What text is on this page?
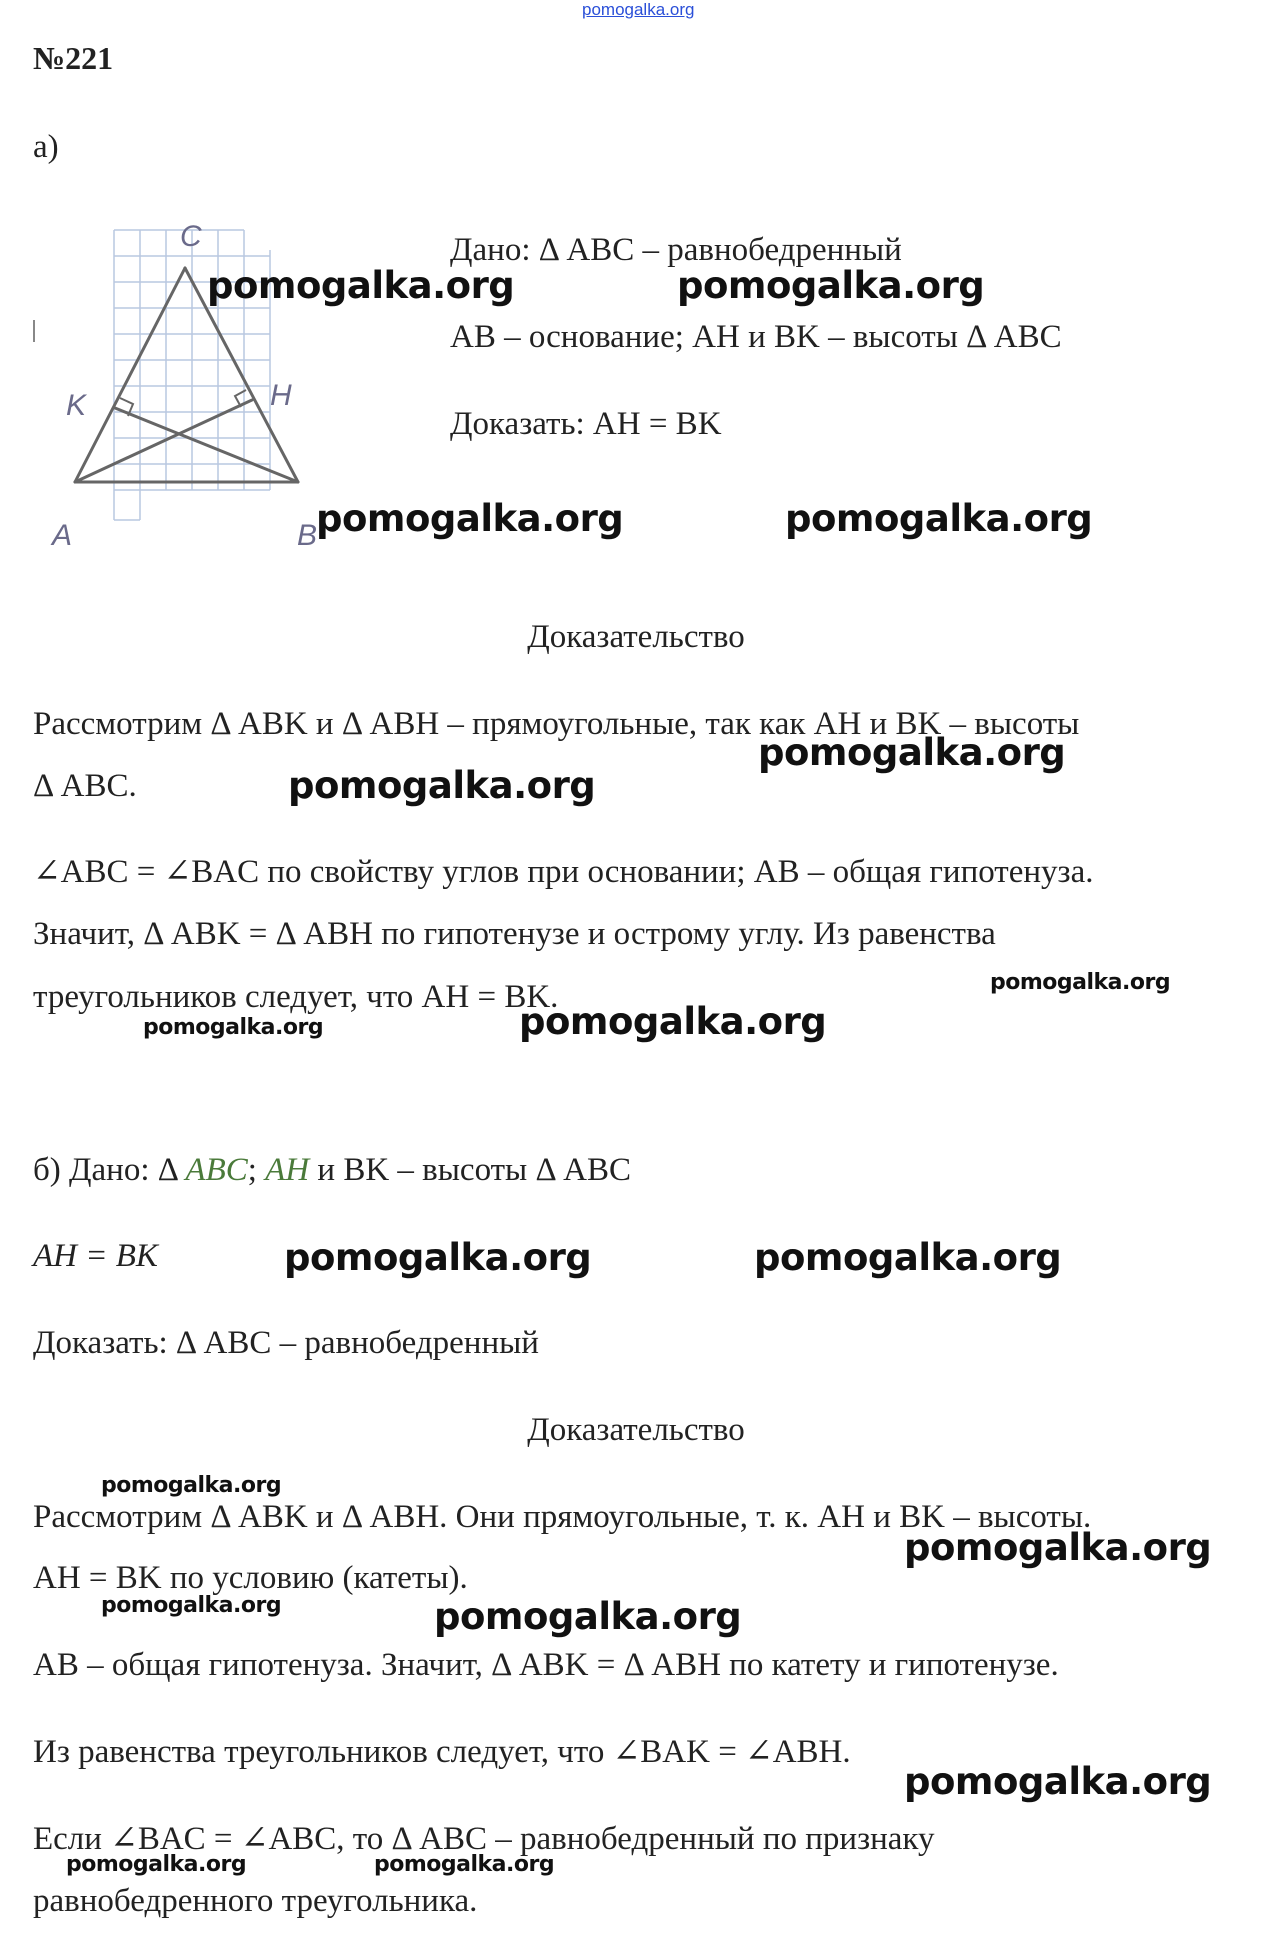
pomogalka.org
№221
а)
C
K	H
A	B
Дано: Δ ABC – равнобедренный
AB – основание; AH и BK – высоты Δ ABC
Доказать: AH = BK
Доказательство
Рассмотрим Δ ABK и Δ ABH – прямоугольные, так как AH и BK – высоты
Δ ABC.
∠ABC = ∠BAC по свойству углов при основании; AB – общая гипотенуза.
Значит, Δ ABK = Δ ABH по гипотенузе и острому углу. Из равенства
треугольников следует, что AH = BK.
б) Дано: Δ ABC; AH и BK – высоты Δ ABC
AH = BK
Доказать: Δ ABC – равнобедренный
Доказательство
Рассмотрим Δ ABK и Δ ABH. Они прямоугольные, т. к. AH и BK – высоты.
AH = BK по условию (катеты).
AB – общая гипотенуза. Значит, Δ ABK = Δ ABH по катету и гипотенузе.
Из равенства треугольников следует, что ∠BAK = ∠ABH.
Если ∠BAC = ∠ABC, то Δ ABC – равнобедренный по признаку
равнобедренного треугольника.
pomogalka.org	pomogalka.org
pomogalka.org	pomogalka.org
pomogalka.org
pomogalka.org
pomogalka.org
pomogalka.org	pomogalka.org
pomogalka.org	pomogalka.org
pomogalka.org
pomogalka.org
pomogalka.org	pomogalka.org
pomogalka.org
pomogalka.org	pomogalka.org
